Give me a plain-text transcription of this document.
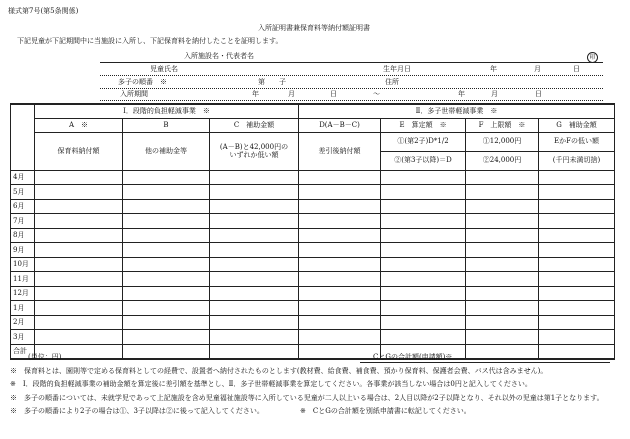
様式第7号(第5条関係)
入所証明書兼保育料等納付額証明書
下記児童が下記期間中に当施設に入所し、下記保育料を納付したことを証明します。
入所施設名・代表者名	印
児童氏名	生年月日	年	月	日
多子の順番　※	第　　子	住所
入所期間	年	月	日	～	年	月	日
	Ⅰ．段階的負担軽減事業　※			Ⅱ．多子世帯軽減事業　※			
	A　※	B	C　補助金額	D(A－B－C)	E　算定額　※	F　上限額　※	G　補助金額
	保育料納付額	他の補助金等	(A－B)と42,000円の
いずれか低い額	差引後納付額	①(第2子)D*1/2	①12,000円	EかFの低い額
					②(第3子以降)＝D	②24,000円	(千円未満切捨)
4月							
5月							
6月							
7月							
8月							
9月							
10月							
11月							
12月							
1月							
2月							
3月							
合計							
(単位：円)	CとGの合計額(申請額)※
※　保育料とは、園則等で定める保育料としての経費で、設置者へ納付されたものとします(教材費、給食費、補食費、預かり保育料、保護者会費、バス代は含みません)。
※　Ⅰ．段階的負担軽減事業の補助金額を算定後に差引額を基準とし、Ⅱ．多子世帯軽減事業を算定してください。各事業が該当しない場合は0円と記入してください。
※　多子の順番については、未就学児であって上記施設を含め児童福祉施設等に入所している児童が二人以上いる場合は、2人目以降が2子以降となり、それ以外の児童は第1子となります。
※　多子の順番により2子の場合は①、3子以降は②に後って記入してください。	※　CとGの合計額を別紙申請書に転記してください。
